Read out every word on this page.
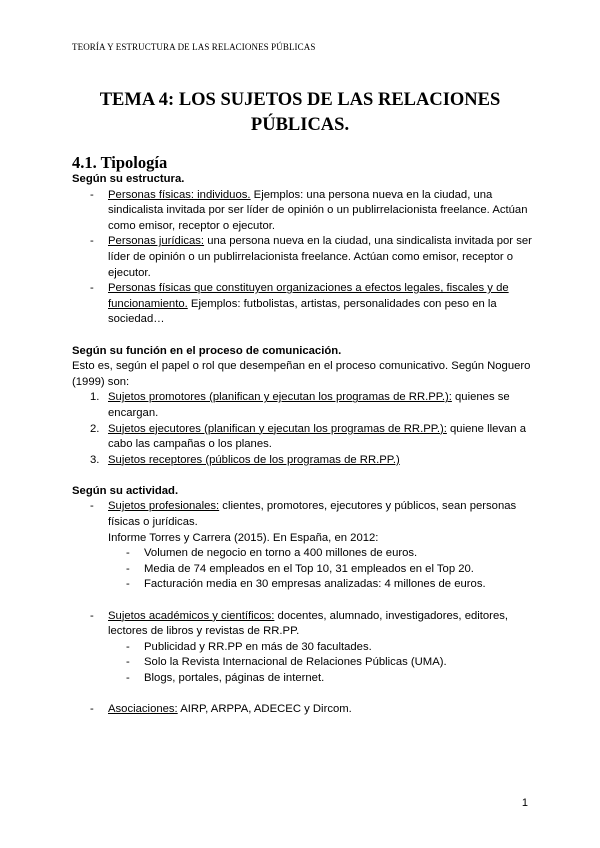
TEORÍA Y ESTRUCTURA DE LAS RELACIONES PÚBLICAS
TEMA 4: LOS SUJETOS DE LAS RELACIONES
PÚBLICAS.
4.1. Tipología

Según su estructura.

- Personas físicas: individuos. Ejemplos: una persona nueva en la ciudad, una sindicalista invitada por ser líder de opinión o un publirrelacionista freelance. Actúan como emisor, receptor o ejecutor.
- Personas jurídicas: una persona nueva en la ciudad, una sindicalista invitada por ser líder de opinión o un publirrelacionista freelance. Actúan como emisor, receptor o ejecutor.
- Personas físicas que constituyen organizaciones a efectos legales, fiscales y de funcionamiento. Ejemplos: futbolistas, artistas, personalidades con peso en la sociedad…

Según su función en el proceso de comunicación.

Esto es, según el papel o rol que desempeñan en el proceso comunicativo. Según Noguero (1999) son:

1. Sujetos promotores (planifican y ejecutan los programas de RR.PP.): quienes se encargan.
2. Sujetos ejecutores (planifican y ejecutan los programas de RR.PP.): quiene llevan a cabo las campañas o los planes.
3. Sujetos receptores (públicos de los programas de RR.PP.)

Según su actividad.

- Sujetos profesionales: clientes, promotores, ejecutores y públicos, sean personas físicas o jurídicas.
Informe Torres y Carrera (2015). En España, en 2012:
- Volumen de negocio en torno a 400 millones de euros.
- Media de 74 empleados en el Top 10, 31 empleados en el Top 20.
- Facturación media en 30 empresas analizadas: 4 millones de euros.
- Sujetos académicos y científicos: docentes, alumnado, investigadores, editores, lectores de libros y revistas de RR.PP.
- Publicidad y RR.PP en más de 30 facultades.
- Solo la Revista Internacional de Relaciones Públicas (UMA).
- Blogs, portales, páginas de internet.
- Asociaciones: AIRP, ARPPA, ADECEC y Dircom.
1
